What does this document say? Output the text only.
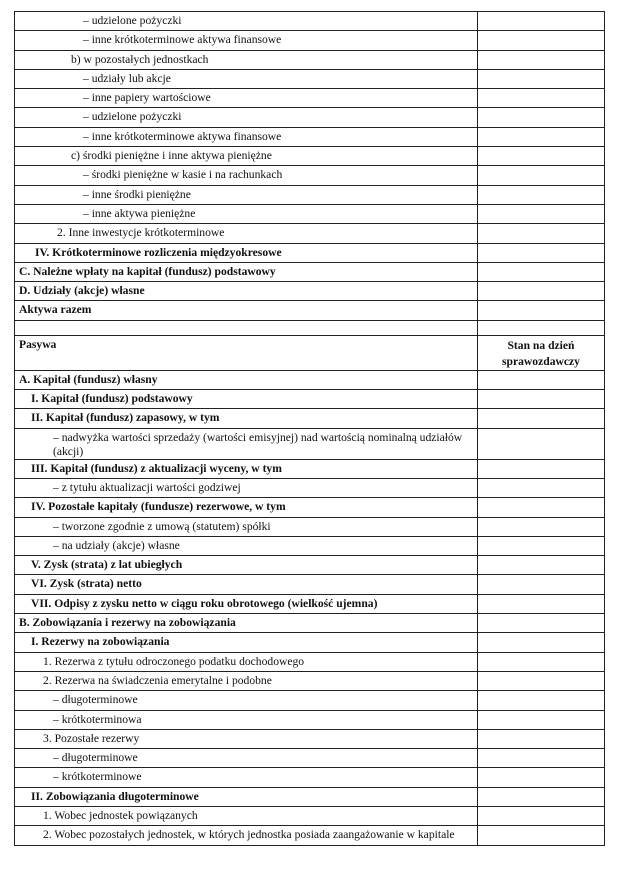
– udzielone pożyczki	

– inne krótkoterminowe aktywa finansowe	

b) w pozostałych jednostkach	

– udziały lub akcje	

– inne papiery wartościowe	

– udzielone pożyczki	

– inne krótkoterminowe aktywa finansowe	

c) środki pieniężne i inne aktywa pieniężne	

– środki pieniężne w kasie i na rachunkach	

– inne środki pieniężne	

– inne aktywa pieniężne	

2. Inne inwestycje krótkoterminowe	

IV. Krótkoterminowe rozliczenia międzyokresowe	

C. Należne wpłaty na kapitał (fundusz) podstawowy	

D. Udziały (akcje) własne	

Aktywa razem	

Pasywa	Stan na dzień sprawozdawczy

A. Kapitał (fundusz) własny	

I. Kapitał (fundusz) podstawowy	

II. Kapitał (fundusz) zapasowy, w tym	

– nadwyżka wartości sprzedaży (wartości emisyjnej) nad wartością nominalną udziałów (akcji)	

III. Kapitał (fundusz) z aktualizacji wyceny, w tym	

– z tytułu aktualizacji wartości godziwej	

IV. Pozostałe kapitały (fundusze) rezerwowe, w tym	

– tworzone zgodnie z umową (statutem) spółki	

– na udziały (akcje) własne	

V. Zysk (strata) z lat ubiegłych	

VI. Zysk (strata) netto	

VII. Odpisy z zysku netto w ciągu roku obrotowego (wielkość ujemna)	

B. Zobowiązania i rezerwy na zobowiązania	

I. Rezerwy na zobowiązania	

1. Rezerwa z tytułu odroczonego podatku dochodowego	

2. Rezerwa na świadczenia emerytalne i podobne	

– długoterminowe	

– krótkoterminowa	

3. Pozostałe rezerwy	

– długoterminowe	

– krótkoterminowe	

II. Zobowiązania długoterminowe	

1. Wobec jednostek powiązanych	

2. Wobec pozostałych jednostek, w których jednostka posiada zaangażowanie w kapitale	
